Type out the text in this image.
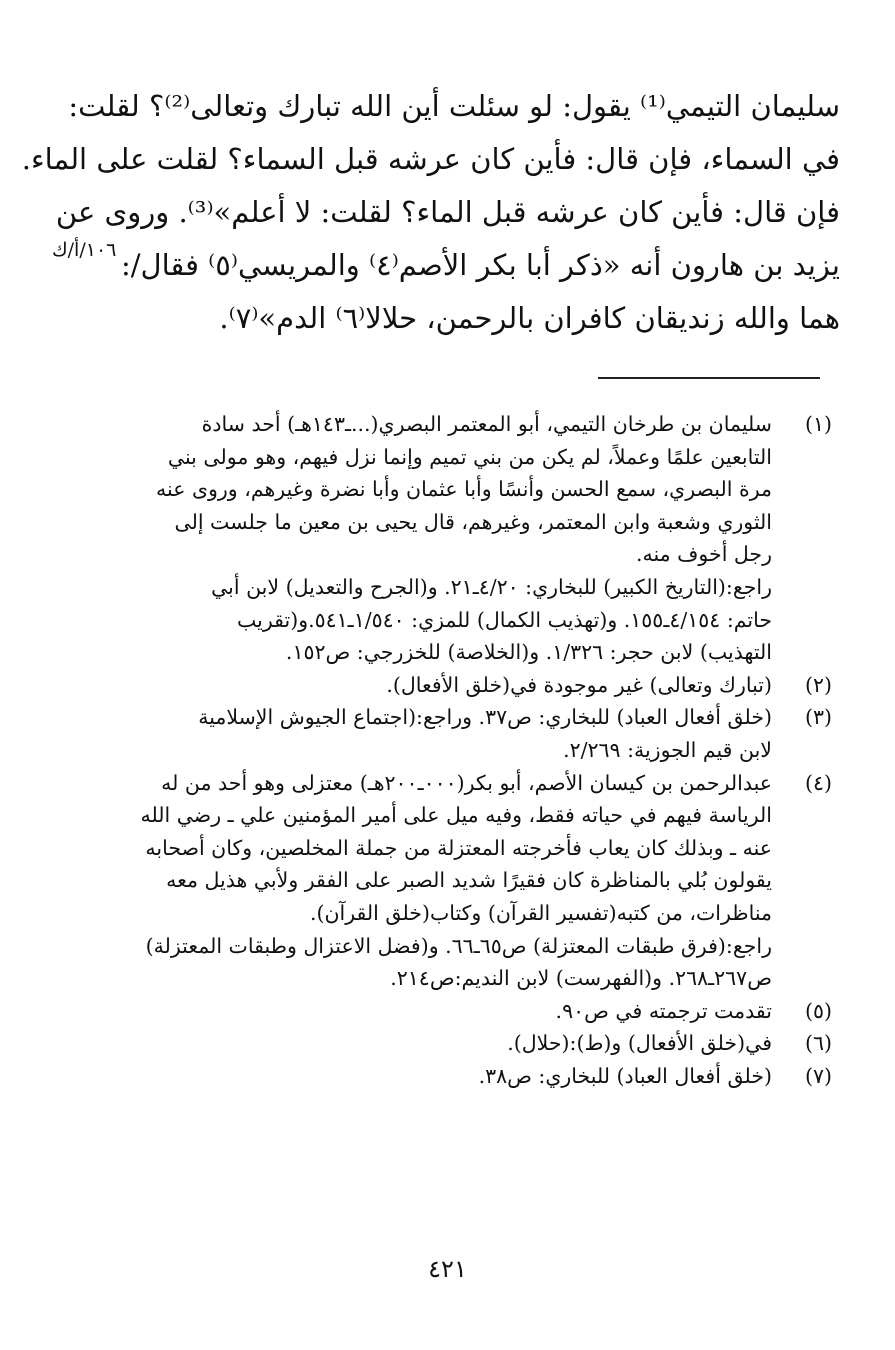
سليمان التيمي⁽¹⁾ يقول: لو سئلت أين الله تبارك وتعالى⁽²⁾؟ لقلت:
في السماء، فإن قال: فأين كان عرشه قبل السماء؟ لقلت على الماء.
فإن قال: فأين كان عرشه قبل الماء؟ لقلت: لا أعلم»⁽³⁾. وروى عن
يزيد بن هارون أنه «ذكر أبا بكر الأصم⁽٤⁾ والمريسي⁽٥⁾ فقال/:
هما والله زنديقان كافران بالرحمن، حلالا⁽٦⁾ الدم»⁽٧⁾.
١٠٦/أ/ك
(١)
سليمان بن طرخان التيمي، أبو المعتمر البصري(...ـ١٤٣هـ) أحد سادة
التابعين علمًا وعملاً، لم يكن من بني تميم وإنما نزل فيهم، وهو مولى بني
مرة البصري، سمع الحسن وأنسًا وأبا عثمان وأبا نضرة وغيرهم، وروى عنه
الثوري وشعبة وابن المعتمر، وغيرهم، قال يحيى بن معين ما جلست إلى
رجل أخوف منه.
راجع:(التاريخ الكبير) للبخاري: ٤/٢٠ـ٢١. و(الجرح والتعديل) لابن أبي
حاتم: ٤/١٥٤ـ١٥٥. و(تهذيب الكمال) للمزي: ١/٥٤٠ـ٥٤١.و(تقريب
التهذيب) لابن حجر: ١/٣٢٦. و(الخلاصة) للخزرجي: ص١٥٢.
(٢)
(تبارك وتعالى) غير موجودة في(خلق الأفعال).
(٣)
(خلق أفعال العباد) للبخاري: ص٣٧. وراجع:(اجتماع الجيوش الإسلامية
لابن قيم الجوزية: ٢/٢٦٩.
(٤)
عبدالرحمن بن كيسان الأصم، أبو بكر(٠٠٠ـ٢٠٠هـ) معتزلى وهو أحد من له
الرياسة فيهم في حياته فقط، وفيه ميل على أمير المؤمنين علي ـ رضي الله
عنه ـ وبذلك كان يعاب فأخرجته المعتزلة من جملة المخلصين، وكان أصحابه
يقولون بُلي بالمناظرة كان فقيرًا شديد الصبر على الفقر ولأبي هذيل معه
مناظرات، من كتبه(تفسير القرآن) وكتاب(خلق القرآن).
راجع:(فرق طبقات المعتزلة) ص٦٥ـ٦٦. و(فضل الاعتزال وطبقات المعتزلة)
ص٢٦٧ـ٢٦٨. و(الفهرست) لابن النديم:ص٢١٤.
(٥)
تقدمت ترجمته في ص٩٠.
(٦)
في(خلق الأفعال) و(ط):(حلال).
(٧)
(خلق أفعال العباد) للبخاري: ص٣٨.
٤٢١
